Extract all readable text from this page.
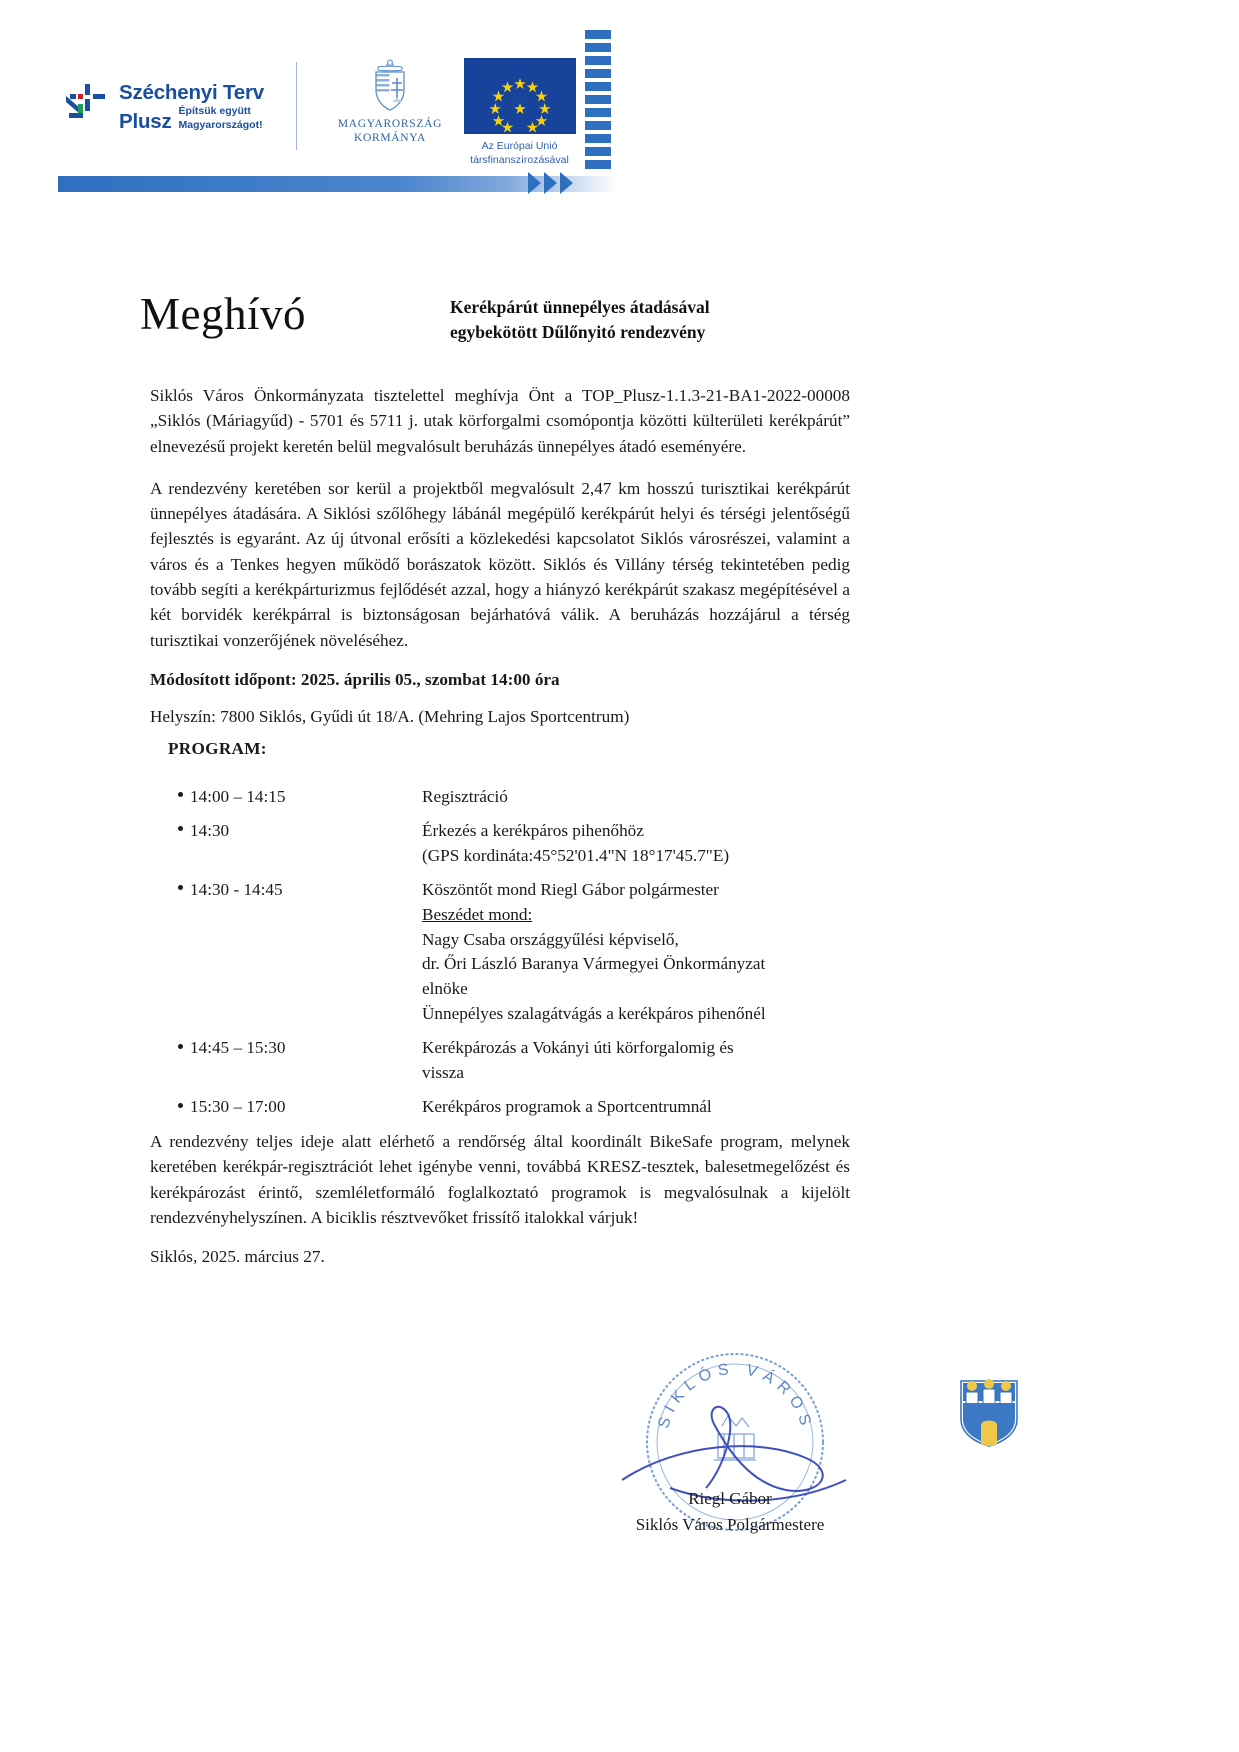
Széchenyi Terv
Plusz Építsük együtt
Magyarországot!	MAGYARORSZÁG
KORMÁNYA
Az Európai Unió
társfinanszírozásával
Meghívó	Kerékpárút ünnepélyes átadásával
egybekötött Dűlőnyitó rendezvény

Siklós Város Önkormányzata tisztelettel meghívja Önt a TOP_Plusz-1.1.3-21-BA1-2022-00008 „Siklós (Máriagyűd) - 5701 és 5711 j. utak körforgalmi csomópontja közötti külterületi kerékpárút” elnevezésű projekt keretén belül megvalósult beruházás ünnepélyes átadó eseményére.

A rendezvény keretében sor kerül a projektből megvalósult 2,47 km hosszú turisztikai kerékpárút ünnepélyes átadására. A Siklósi szőlőhegy lábánál megépülő kerékpárút helyi és térségi jelentőségű fejlesztés is egyaránt. Az új útvonal erősíti a közlekedési kapcsolatot Siklós városrészei, valamint a város és a Tenkes hegyen működő borászatok között. Siklós és Villány térség tekintetében pedig tovább segíti a kerékpárturizmus fejlődését azzal, hogy a hiányzó kerékpárút szakasz megépítésével a két borvidék kerékpárral is biztonságosan bejárhatóvá válik. A beruházás hozzájárul a térség turisztikai vonzerőjének növeléséhez.

Módosított időpont: 2025. április 05., szombat 14:00 óra
Helyszín: 7800 Siklós, Gyűdi út 18/A. (Mehring Lajos Sportcentrum)
PROGRAM:
14:00 – 14:15	Regisztráció
14:30	Érkezés a kerékpáros pihenőhöz
(GPS kordináta:45°52'01.4"N 18°17'45.7"E)
14:30 - 14:45	Köszöntőt mond Riegl Gábor polgármester
Beszédet mond:
Nagy Csaba országgyűlési képviselő,
dr. Őri László Baranya Vármegyei Önkormányzat
elnöke
Ünnepélyes szalagátvágás a kerékpáros pihenőnél
14:45 – 15:30	Kerékpározás a Vokányi úti körforgalomig és
vissza
15:30 – 17:00	Kerékpáros programok a Sportcentrumnál

A rendezvény teljes ideje alatt elérhető a rendőrség által koordinált BikeSafe program, melynek keretében kerékpár-regisztrációt lehet igénybe venni, továbbá KRESZ-tesztek, balesetmegelőzést és kerékpározást érintő, szemléletformáló foglalkoztató programok is megvalósulnak a kijelölt rendezvényhelyszínen. A biciklis résztvevőket frissítő italokkal várjuk!

Siklós, 2025. március 27.
SIKLÓS VÁROS
Riegl Gábor
Siklós Város Polgármestere
